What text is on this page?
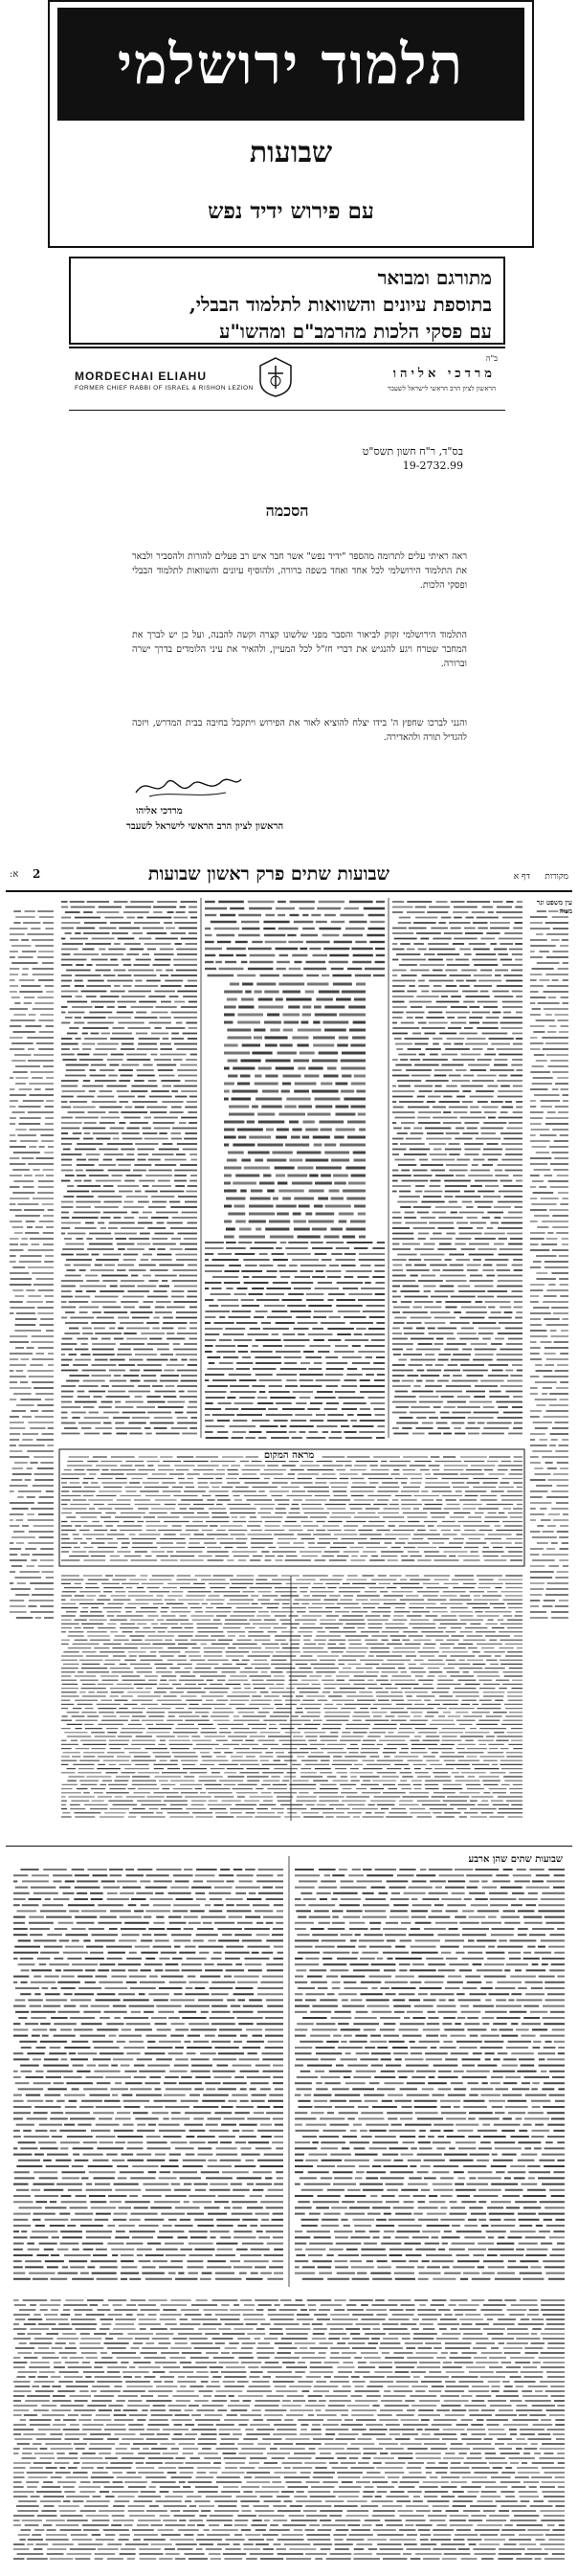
תלמוד ירושלמי
שבועות
עם פירוש ידיד נפש
מתורגם ומבואר
בתוספת עיונים והשוואות לתלמוד הבבלי,
עם פסקי הלכות מהרמב"ם ומהשו"ע
ב"ה
MORDECHAI ELIAHU
FORMER CHIEF RABBI OF ISRAEL & RISHON LEZION
מרדכי אליהו
הראשון לציון הרב הראשי לישראל לשעבר
בס"ד, ר"ח חשון תשס"ט
19-2732.99
הסכמה
ראה ראיתי עלים לתרומה מהספר "ידיד נפש" אשר חבר איש רב פעלים להורות ולהסביר ולבאר את התלמוד הירושלמי לכל אחד ואחד בשפה ברורה, ולהוסיף עיונים והשוואות לתלמוד הבבלי ופסקי הלכות.
התלמוד הירושלמי זקוק לביאור והסבר מפני שלשונו קצרה וקשה להבנה, ועל כן יש לברך את המחבר שטרח ויגע להנגיש את דברי חז"ל לכל המעיין, ולהאיר את עיני הלומדים בדרך ישרה וברורה.
והנני לברכו שחפץ ה' בידו יצלח להוציא לאור את הפירוש ויתקבל בחיבה בבית המדרש, ויזכה להגדיל תורה ולהאדירה.
מרדכי אליהו
הראשון לציון הרב הראשי לישראל לשעבר
א: 2	שבועות שתים פרק ראשון שבועות	דף א מקורות
עין משפט ונר מצוה
מראה המקום
שבועות שתים שהן ארבע
